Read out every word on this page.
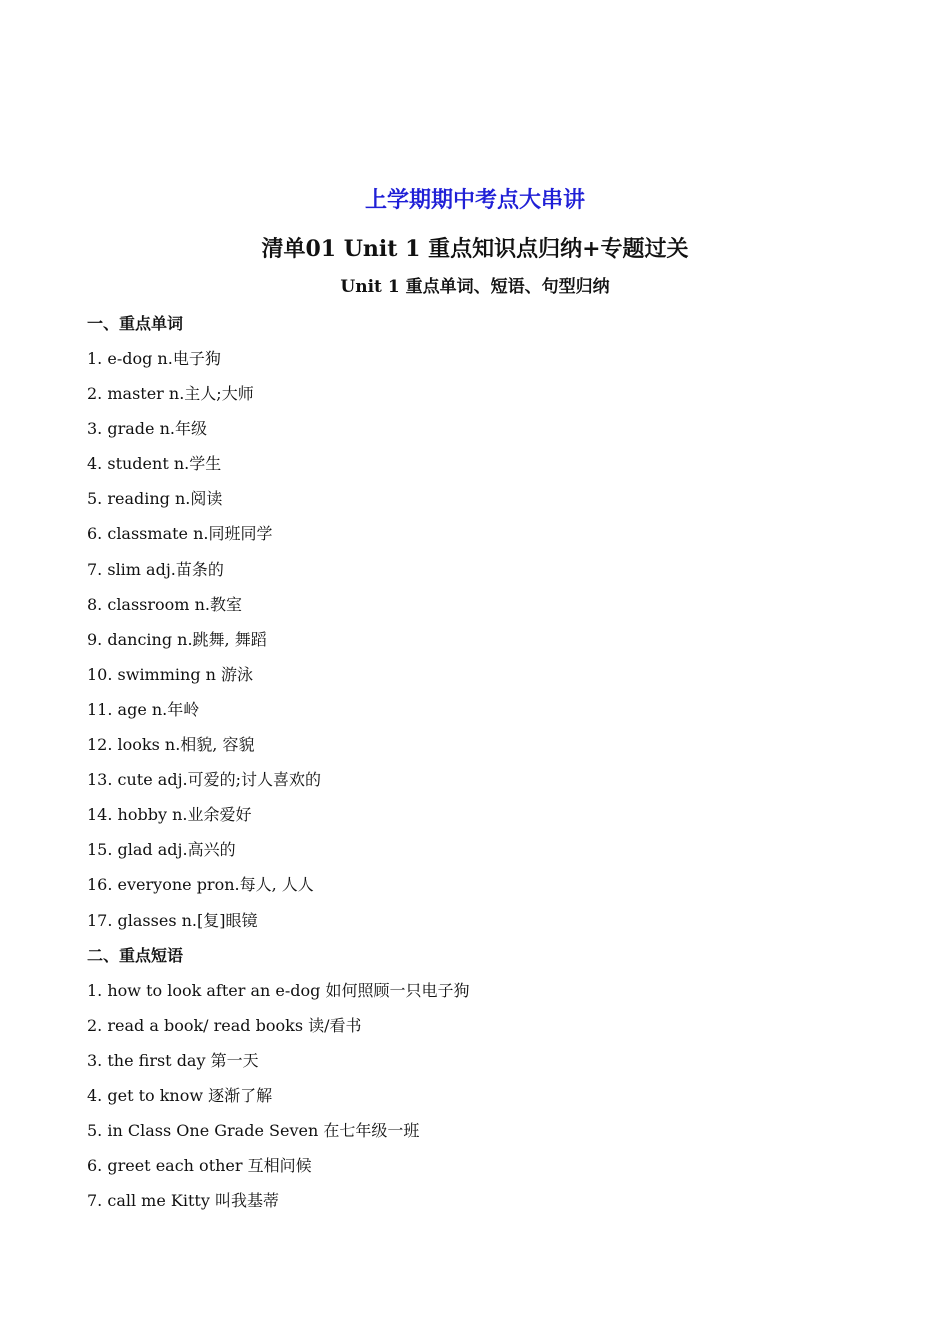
上学期期中考点大串讲

清单01 Unit 1 重点知识点归纳+专题过关

Unit 1 重点单词、短语、句型归纳

一、重点单词
1. e-dog n.电子狗
2. master n.主人;大师
3. grade n.年级
4. student n.学生
5. reading n.阅读
6. classmate n.同班同学
7. slim adj.苗条的
8. classroom n.教室
9. dancing n.跳舞, 舞蹈
10. swimming n 游泳
11. age n.年岭
12. looks n.相貌, 容貌
13. cute adj.可爱的;讨人喜欢的
14. hobby n.业余爱好
15. glad adj.高兴的
16. everyone pron.每人, 人人
17. glasses n.[复]眼镜
二、重点短语
1. how to look after an e-dog 如何照顾一只电子狗
2. read a book/ read books 读/看书
3. the first day 第一天
4. get to know 逐渐了解
5. in Class One Grade Seven 在七年级一班
6. greet each other 互相问候
7. call me Kitty 叫我基蒂
